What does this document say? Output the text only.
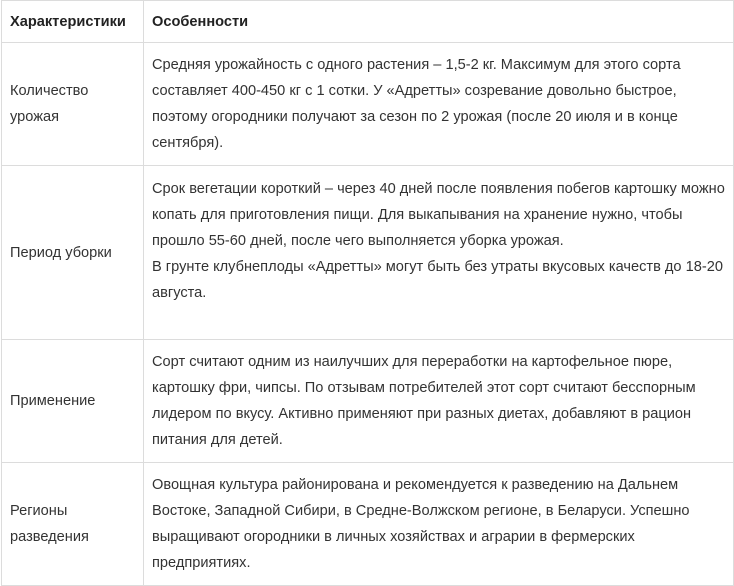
Характеристики	Особенности

Количество
урожая	Средняя урожайность с одного растения – 1,5-2 кг. Максимум для этого сорта составляет 400-450 кг с 1 сотки. У «Адретты» созревание довольно быстрое, поэтому огородники получают за сезон по 2 урожая (после 20 июля и в конце сентября).

Период уборки	Срок вегетации короткий – через 40 дней после появления побегов картошку можно копать для приготовления пищи. Для выкапывания на хранение нужно, чтобы прошло 55-60 дней, после чего выполняется уборка урожая.
В грунте клубнеплоды «Адретты» могут быть без утраты вкусовых качеств до 18-20 августа.

Применение	Сорт считают одним из наилучших для переработки на картофельное пюре, картошку фри, чипсы. По отзывам потребителей этот сорт считают бесспорным лидером по вкусу. Активно применяют при разных диетах, добавляют в рацион питания для детей.

Регионы
разведения	Овощная культура районирована и рекомендуется к разведению на Дальнем Востоке, Западной Сибири, в Средне-Волжском регионе, в Беларуси. Успешно выращивают огородники в личных хозяйствах и аграрии в фермерских предприятиях.
